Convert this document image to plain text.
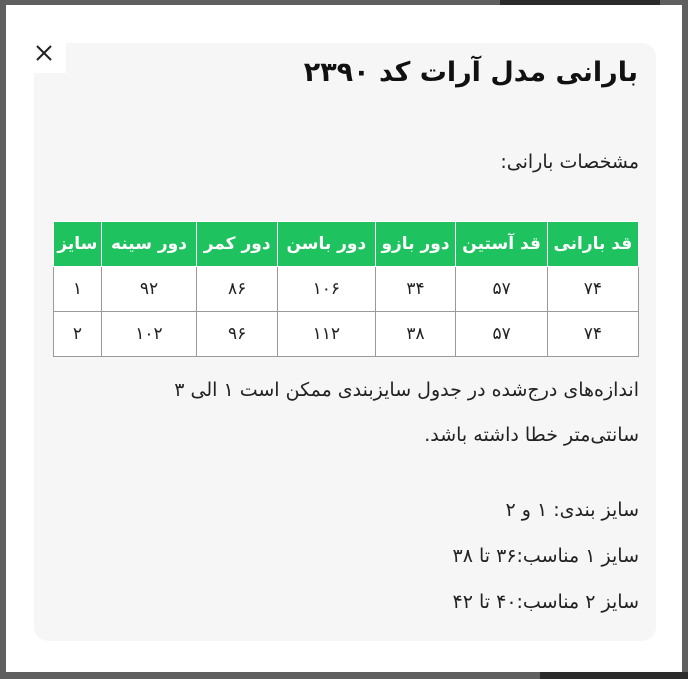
بارانی مدل آرات کد ۲۳۹۰
مشخصات بارانی:
قد بارانی	قد آستین	دور بازو	دور باسن	دور کمر	دور سینه	سایز
۷۴	۵۷	۳۴	۱۰۶	۸۶	۹۲	۱
۷۴	۵۷	۳۸	۱۱۲	۹۶	۱۰۲	۲

اندازه‌های درج‌شده در جدول سایزبندی ممکن است ۱ الی ۳
سانتی‌متر خطا داشته باشد.

سایز بندی: ۱ و ۲
سایز ۱ مناسب:۳۶ تا ۳۸
سایز ۲ مناسب:۴۰ تا ۴۲
